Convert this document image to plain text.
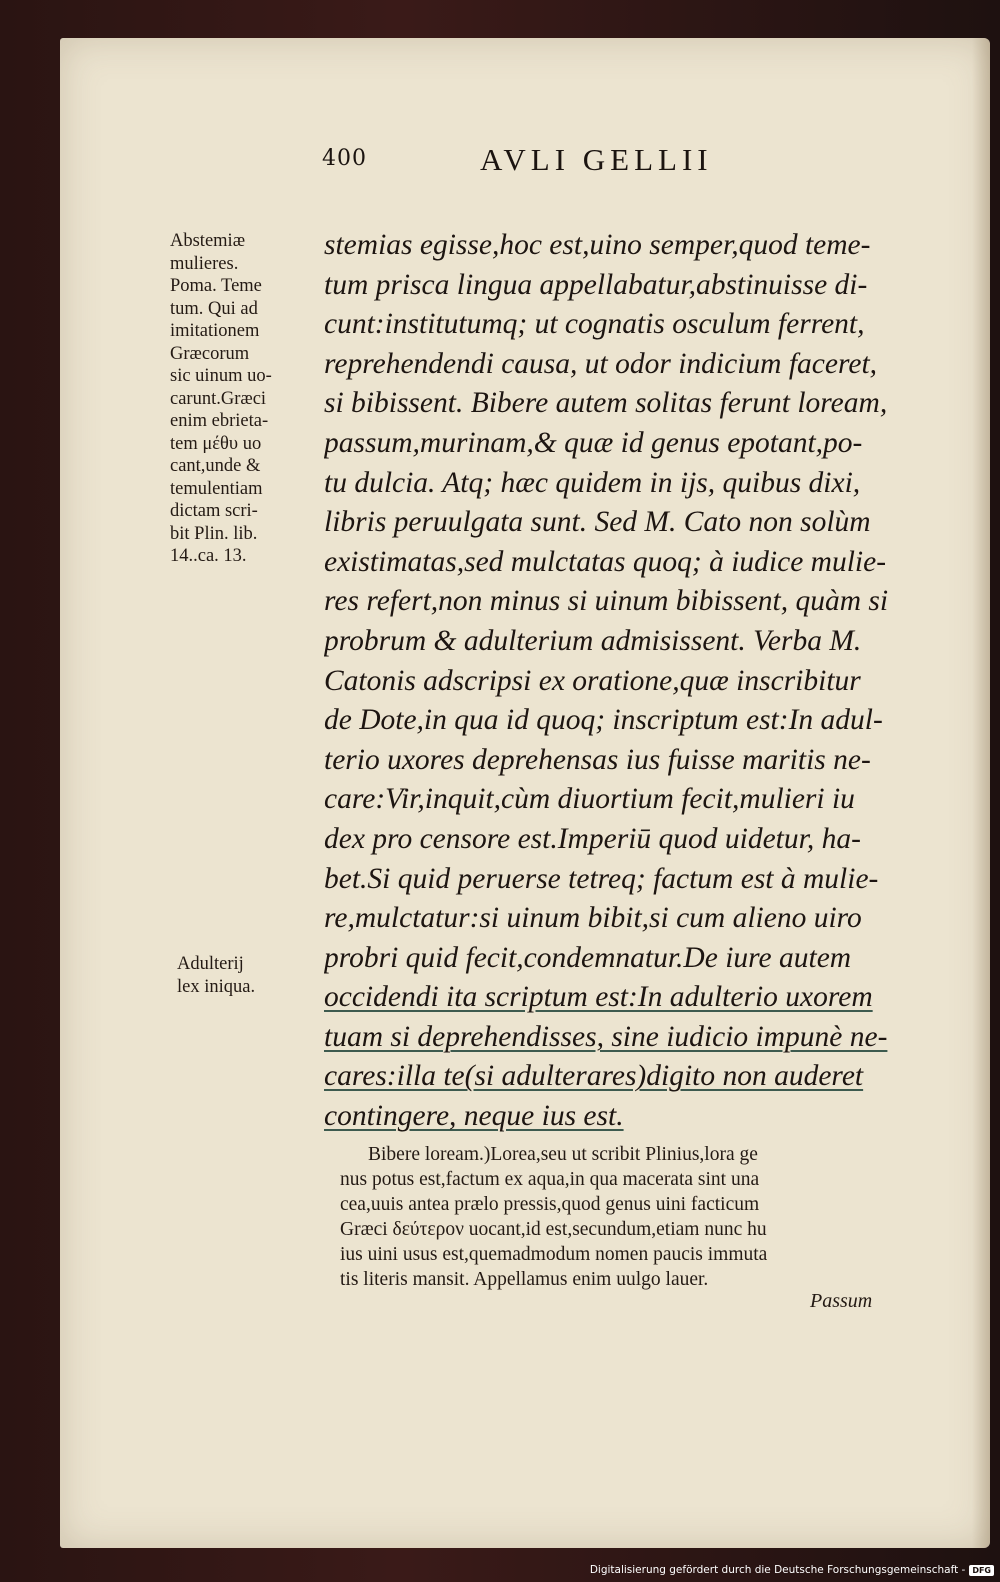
400	AVLI GELLII
Abstemiæ
mulieres.
Poma. Teme
tum. Qui ad
imitationem
Græcorum
sic uinum uo-
carunt.Græci
enim ebrieta-
tem μέθυ uo
cant,unde &
temulentiam
dictam scri-
bit Plin. lib.
14..ca. 13.
Adulterij
lex iniqua.
stemias egisse,hoc est,uino semper,quod teme-
tum prisca lingua appellabatur,abstinuisse di-
cunt:institutumq; ut cognatis osculum ferrent,
reprehendendi causa, ut odor indicium faceret,
si bibissent. Bibere autem solitas ferunt loream,
passum,murinam,& quæ id genus epotant,po-
tu dulcia. Atq; hæc quidem in ijs, quibus dixi,
libris peruulgata sunt. Sed M. Cato non solùm
existimatas,sed mulctatas quoq; à iudice mulie-
res refert,non minus si uinum bibissent, quàm si
probrum & adulterium admisissent. Verba M.
Catonis adscripsi ex oratione,quæ inscribitur
de Dote,in qua id quoq; inscriptum est:In adul-
terio uxores deprehensas ius fuisse maritis ne-
care:Vir,inquit,cùm diuortium fecit,mulieri iu
dex pro censore est.Imperiū quod uidetur, ha-
bet.Si quid peruerse tetreq; factum est à mulie-
re,mulctatur:si uinum bibit,si cum alieno uiro
probri quid fecit,condemnatur.De iure autem
occidendi ita scriptum est:In adulterio uxorem
tuam si deprehendisses, sine iudicio impunè ne-
cares:illa te(si adulterares)digito non auderet
contingere, neque ius est.
Bibere loream.)Lorea,seu ut scribit Plinius,lora ge
nus potus est,factum ex aqua,in qua macerata sint una
cea,uuis antea prælo pressis,quod genus uini facticum
Græci δεύτερον uocant,id est,secundum,etiam nunc hu
ius uini usus est,quemadmodum nomen paucis immuta
tis literis mansit. Appellamus enim uulgo lauer.
Passum
Digitalisierung gefördert durch die Deutsche Forschungsgemeinschaft - DFG
